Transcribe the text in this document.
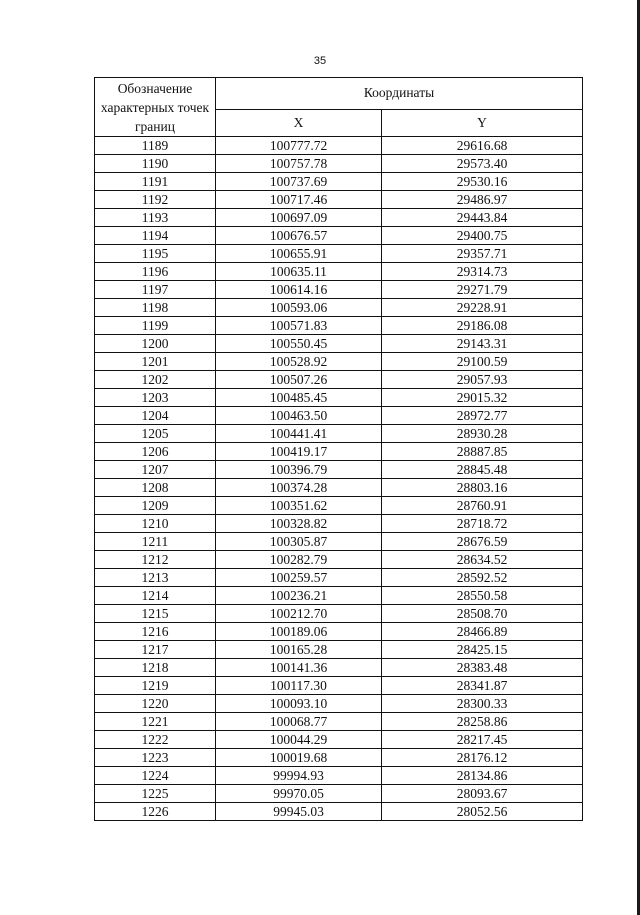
35
Обозначение характерных точек границ	Координаты	
	X	Y
1189	100777.72	29616.68
1190	100757.78	29573.40
1191	100737.69	29530.16
1192	100717.46	29486.97
1193	100697.09	29443.84
1194	100676.57	29400.75
1195	100655.91	29357.71
1196	100635.11	29314.73
1197	100614.16	29271.79
1198	100593.06	29228.91
1199	100571.83	29186.08
1200	100550.45	29143.31
1201	100528.92	29100.59
1202	100507.26	29057.93
1203	100485.45	29015.32
1204	100463.50	28972.77
1205	100441.41	28930.28
1206	100419.17	28887.85
1207	100396.79	28845.48
1208	100374.28	28803.16
1209	100351.62	28760.91
1210	100328.82	28718.72
1211	100305.87	28676.59
1212	100282.79	28634.52
1213	100259.57	28592.52
1214	100236.21	28550.58
1215	100212.70	28508.70
1216	100189.06	28466.89
1217	100165.28	28425.15
1218	100141.36	28383.48
1219	100117.30	28341.87
1220	100093.10	28300.33
1221	100068.77	28258.86
1222	100044.29	28217.45
1223	100019.68	28176.12
1224	99994.93	28134.86
1225	99970.05	28093.67
1226	99945.03	28052.56
